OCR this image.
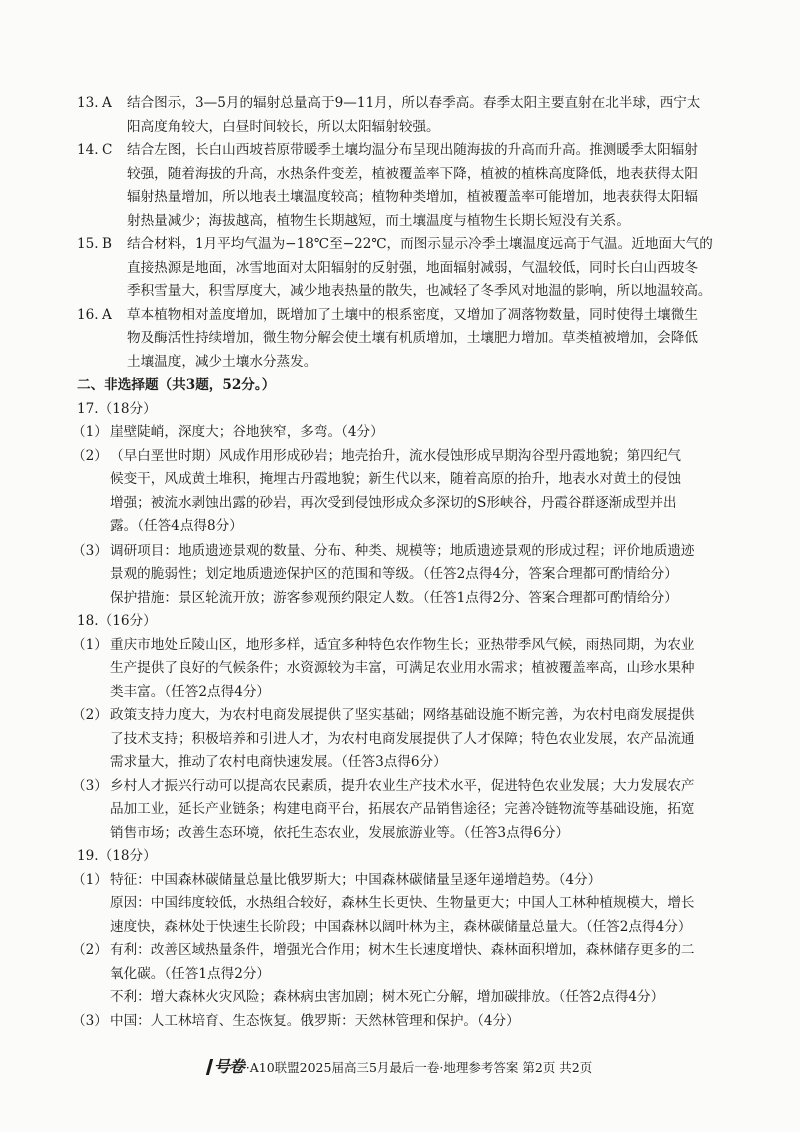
13. A 结合图示，3—5月的辐射总量高于9—11月，所以春季高。春季太阳主要直射在北半球，西宁太
阳高度角较大，白昼时间较长，所以太阳辐射较强。
14. C 结合左图，长白山西坡苔原带暖季土壤均温分布呈现出随海拔的升高而升高。推测暖季太阳辐射
较强，随着海拔的升高，水热条件变差，植被覆盖率下降，植被的植株高度降低，地表获得太阳
辐射热量增加，所以地表土壤温度较高；植物种类增加，植被覆盖率可能增加，地表获得太阳辐
射热量减少；海拔越高，植物生长期越短，而土壤温度与植物生长期长短没有关系。
15. B 结合材料，1月平均气温为−18℃至−22℃，而图示显示冷季土壤温度远高于气温。近地面大气的
直接热源是地面，冰雪地面对太阳辐射的反射强，地面辐射减弱，气温较低，同时长白山西坡冬
季积雪量大，积雪厚度大，减少地表热量的散失，也减轻了冬季风对地温的影响，所以地温较高。
16. A 草本植物相对盖度增加，既增加了土壤中的根系密度，又增加了凋落物数量，同时使得土壤微生
物及酶活性持续增加，微生物分解会使土壤有机质增加，土壤肥力增加。草类植被增加，会降低
土壤温度，减少土壤水分蒸发。
二、非选择题（共3题，52分。）
17.（18分）
（1） 崖壁陡峭，深度大；谷地狭窄，多弯。（4分）
（2） （早白垩世时期）风成作用形成砂岩；地壳抬升，流水侵蚀形成早期沟谷型丹霞地貌；第四纪气
候变干，风成黄土堆积，掩埋古丹霞地貌；新生代以来，随着高原的抬升，地表水对黄土的侵蚀
增强；被流水剥蚀出露的砂岩，再次受到侵蚀形成众多深切的S形峡谷，丹霞谷群逐渐成型并出
露。（任答4点得8分）
（3） 调研项目：地质遗迹景观的数量、分布、种类、规模等；地质遗迹景观的形成过程；评价地质遗迹
景观的脆弱性；划定地质遗迹保护区的范围和等级。（任答2点得4分，答案合理都可酌情给分）
保护措施：景区轮流开放；游客参观预约限定人数。（任答1点得2分、答案合理都可酌情给分）
18.（16分）
（1） 重庆市地处丘陵山区，地形多样，适宜多种特色农作物生长；亚热带季风气候，雨热同期，为农业
生产提供了良好的气候条件；水资源较为丰富，可满足农业用水需求；植被覆盖率高，山珍水果种
类丰富。（任答2点得4分）
（2） 政策支持力度大，为农村电商发展提供了坚实基础；网络基础设施不断完善，为农村电商发展提供
了技术支持；积极培养和引进人才，为农村电商发展提供了人才保障；特色农业发展，农产品流通
需求量大，推动了农村电商快速发展。（任答3点得6分）
（3） 乡村人才振兴行动可以提高农民素质，提升农业生产技术水平，促进特色农业发展；大力发展农产
品加工业，延长产业链条；构建电商平台，拓展农产品销售途径；完善冷链物流等基础设施，拓宽
销售市场；改善生态环境，依托生态农业，发展旅游业等。（任答3点得6分）
19.（18分）
（1） 特征：中国森林碳储量总量比俄罗斯大；中国森林碳储量呈逐年递增趋势。（4分）
原因：中国纬度较低，水热组合较好，森林生长更快、生物量更大；中国人工林种植规模大，增长
速度快，森林处于快速生长阶段；中国森林以阔叶林为主，森林碳储量总量大。（任答2点得4分）
（2） 有利：改善区域热量条件，增强光合作用；树木生长速度增快、森林面积增加，森林储存更多的二
氧化碳。（任答1点得2分）
不利：增大森林火灾风险；森林病虫害加剧；树木死亡分解，增加碳排放。（任答2点得4分）
（3） 中国：人工林培育、生态恢复。俄罗斯：天然林管理和保护。（4分）
号卷 ·A10联盟2025届高三5月最后一卷·地理参考答案 第2页 共2页
